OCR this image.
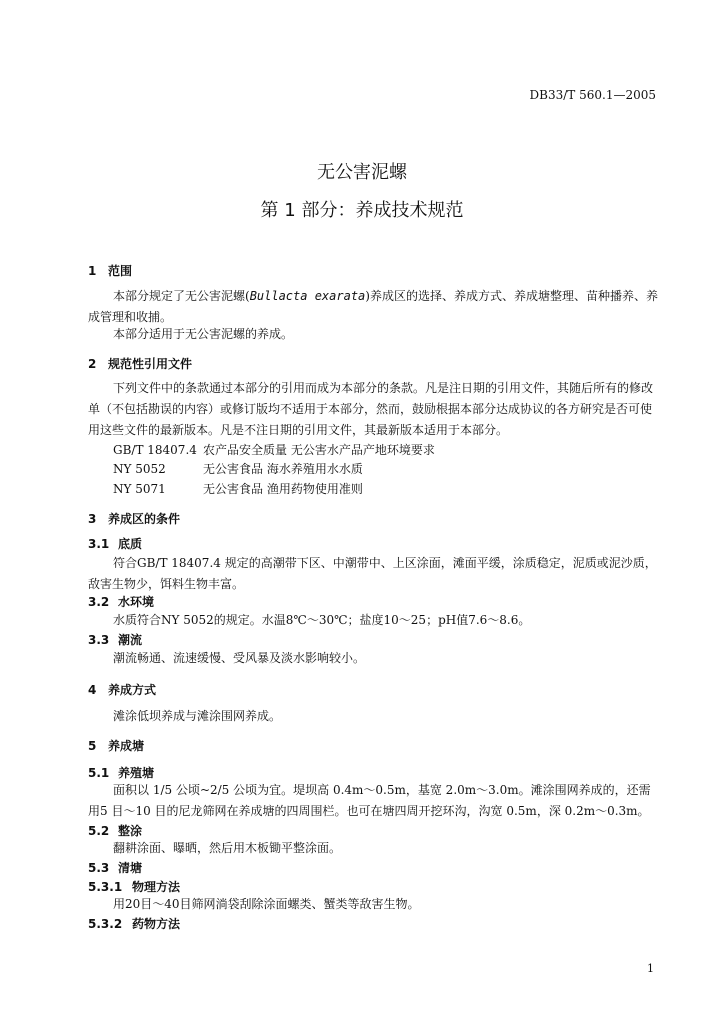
DB33/T 560.1—2005
无公害泥螺
第 1 部分：养成技术规范
1 范围
本部分规定了无公害泥螺(Bullacta exarata)养成区的选择、养成方式、养成塘整理、苗种播养、养成管理和收捕。
本部分适用于无公害泥螺的养成。
2 规范性引用文件
下列文件中的条款通过本部分的引用而成为本部分的条款。凡是注日期的引用文件，其随后所有的修改单（不包括勘误的内容）或修订版均不适用于本部分，然而，鼓励根据本部分达成协议的各方研究是否可使用这些文件的最新版本。凡是不注日期的引用文件，其最新版本适用于本部分。
GB/T 18407.4 农产品安全质量 无公害水产品产地环境要求
NY 5052	无公害食品 海水养殖用水水质
NY 5071	无公害食品 渔用药物使用准则
3 养成区的条件
3.1 底质
符合GB/T 18407.4 规定的高潮带下区、中潮带中、上区涂面，滩面平缓，涂质稳定，泥质或泥沙质，敌害生物少，饵料生物丰富。
3.2 水环境
水质符合NY 5052的规定。水温8℃～30℃；盐度10～25；pH值7.6～8.6。
3.3 潮流
潮流畅通、流速缓慢、受风暴及淡水影响较小。
4 养成方式
滩涂低坝养成与滩涂围网养成。
5 养成塘
5.1 养殖塘
面积以 1/5 公顷~2/5 公顷为宜。堤坝高 0.4m～0.5m，基宽 2.0m～3.0m。滩涂围网养成的，还需用5 目～10 目的尼龙筛网在养成塘的四周围栏。也可在塘四周开挖环沟，沟宽 0.5m，深 0.2m～0.3m。
5.2 整涂
翻耕涂面、曝晒，然后用木板锄平整涂面。
5.3 清塘
5.3.1 物理方法
用20目～40目筛网淌袋刮除涂面螺类、蟹类等敌害生物。
5.3.2 药物方法
1
